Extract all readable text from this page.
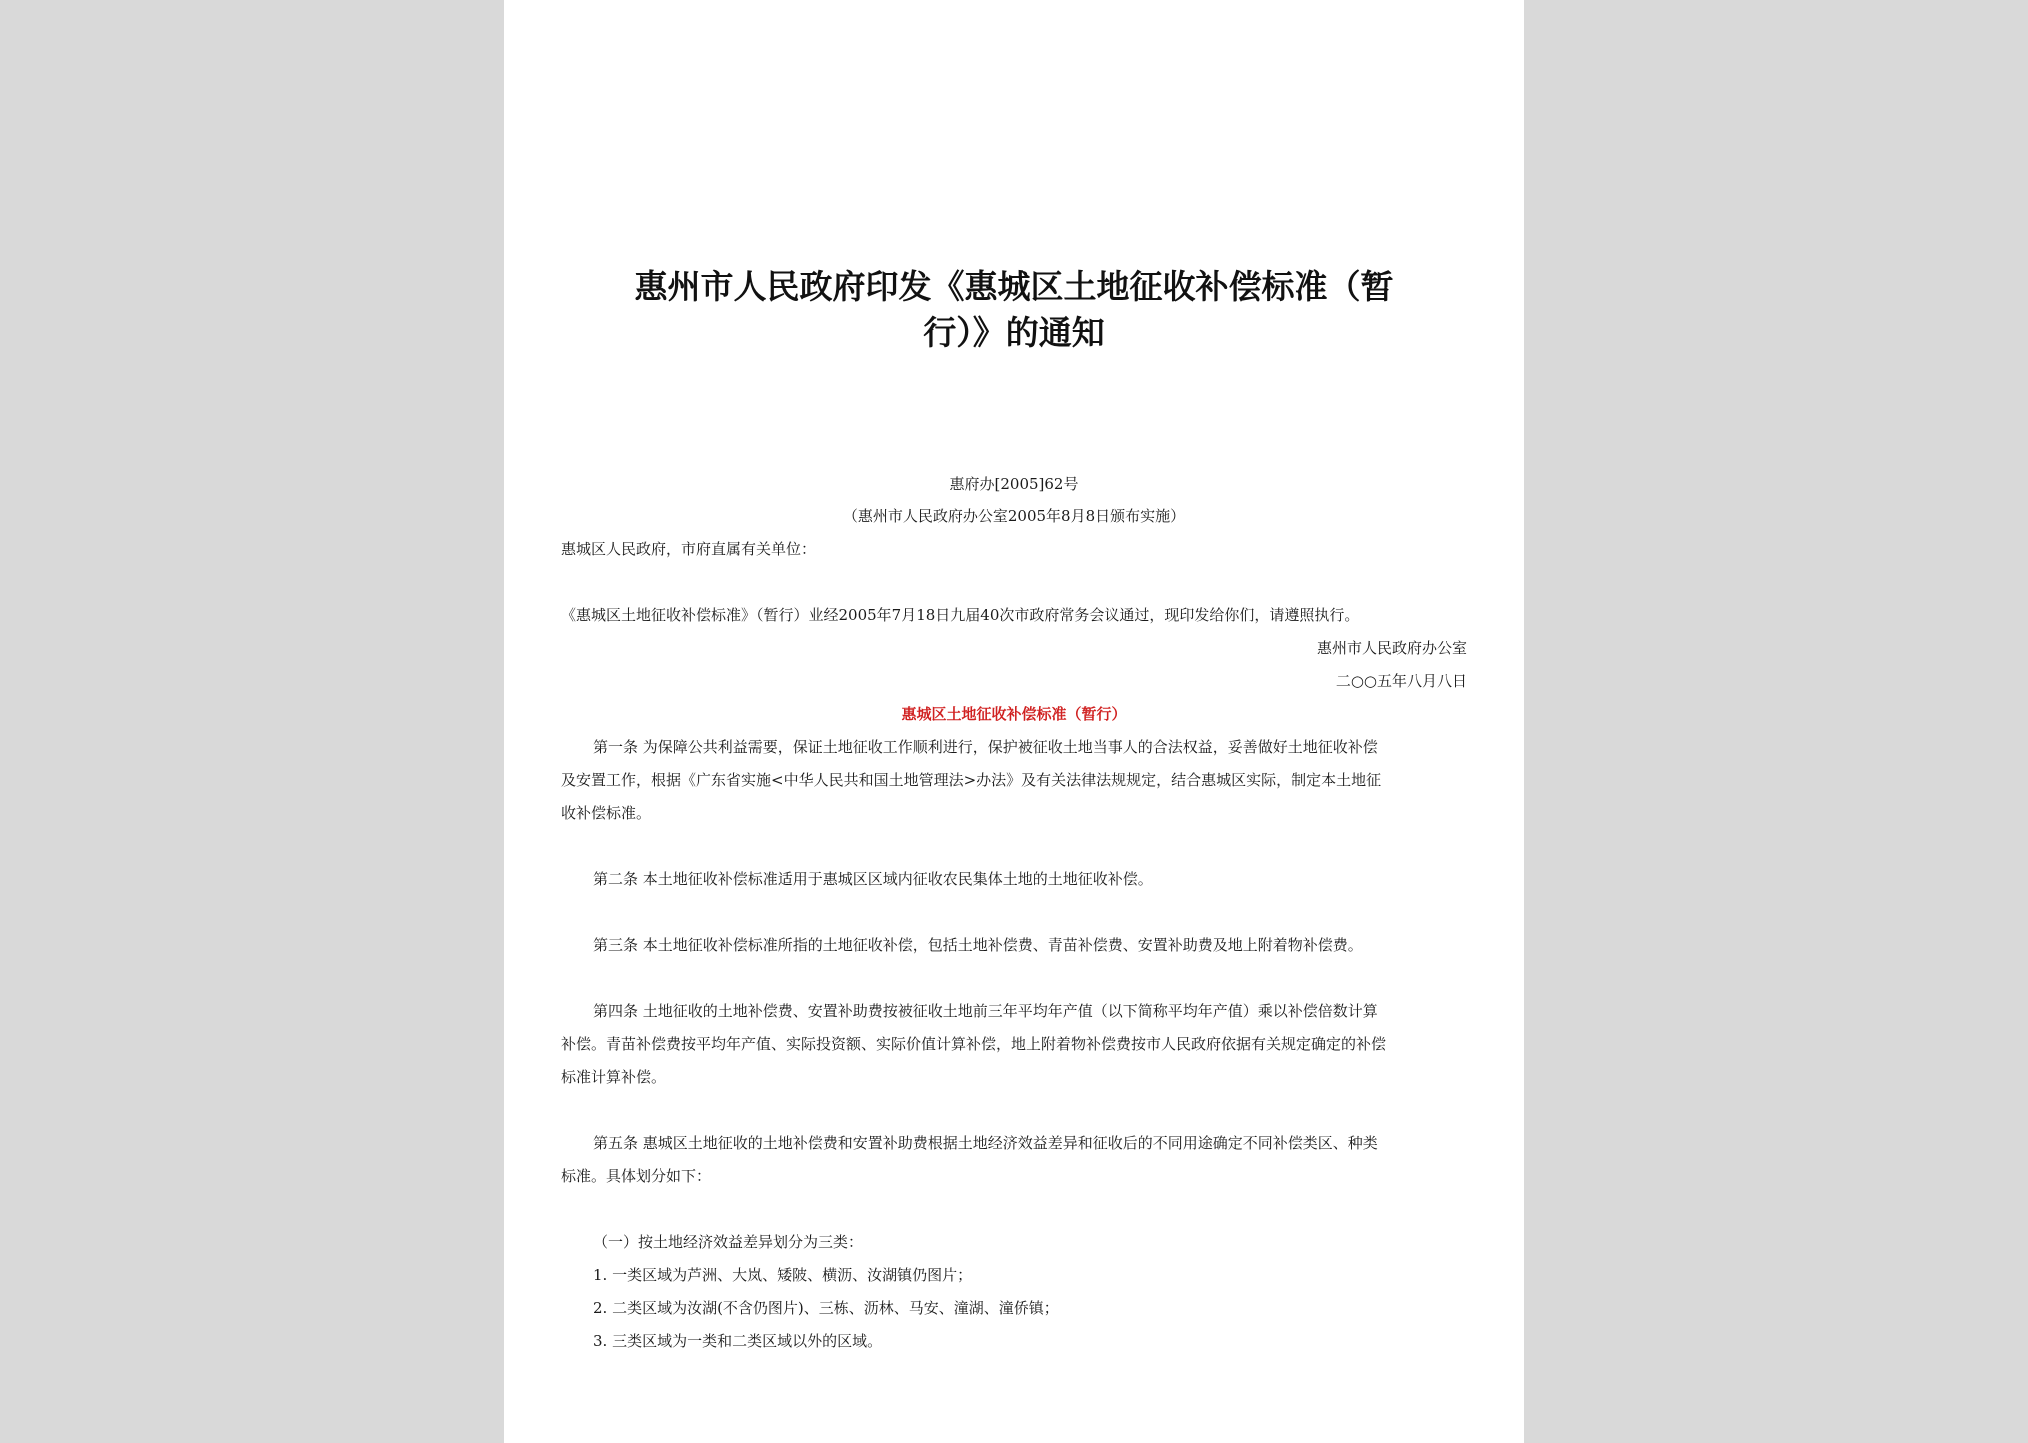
惠州市人民政府印发《惠城区土地征收补偿标准（暂
行）》的通知

惠府办[2005]62号

（惠州市人民政府办公室2005年8月8日颁布实施）

惠城区人民政府，市府直属有关单位：

《惠城区土地征收补偿标准》（暂行）业经2005年7月18日九届40次市政府常务会议通过，现印发给你们，请遵照执行。

惠州市人民政府办公室

二○○五年八月八日

惠城区土地征收补偿标准（暂行）

第一条 为保障公共利益需要，保证土地征收工作顺利进行，保护被征收土地当事人的合法权益，妥善做好土地征收补偿

及安置工作，根据《广东省实施<中华人民共和国土地管理法>办法》及有关法律法规规定，结合惠城区实际，制定本土地征

收补偿标准。

第二条 本土地征收补偿标准适用于惠城区区域内征收农民集体土地的土地征收补偿。

第三条 本土地征收补偿标准所指的土地征收补偿，包括土地补偿费、青苗补偿费、安置补助费及地上附着物补偿费。

第四条 土地征收的土地补偿费、安置补助费按被征收土地前三年平均年产值（以下简称平均年产值）乘以补偿倍数计算

补偿。青苗补偿费按平均年产值、实际投资额、实际价值计算补偿，地上附着物补偿费按市人民政府依据有关规定确定的补偿

标准计算补偿。

第五条 惠城区土地征收的土地补偿费和安置补助费根据土地经济效益差异和征收后的不同用途确定不同补偿类区、种类

标准。具体划分如下：

（一）按土地经济效益差异划分为三类：

1. 一类区域为芦洲、大岚、矮陂、横沥、汝湖镇仍图片；

2. 二类区域为汝湖(不含仍图片)、三栋、沥林、马安、潼湖、潼侨镇；

3. 三类区域为一类和二类区域以外的区域。
